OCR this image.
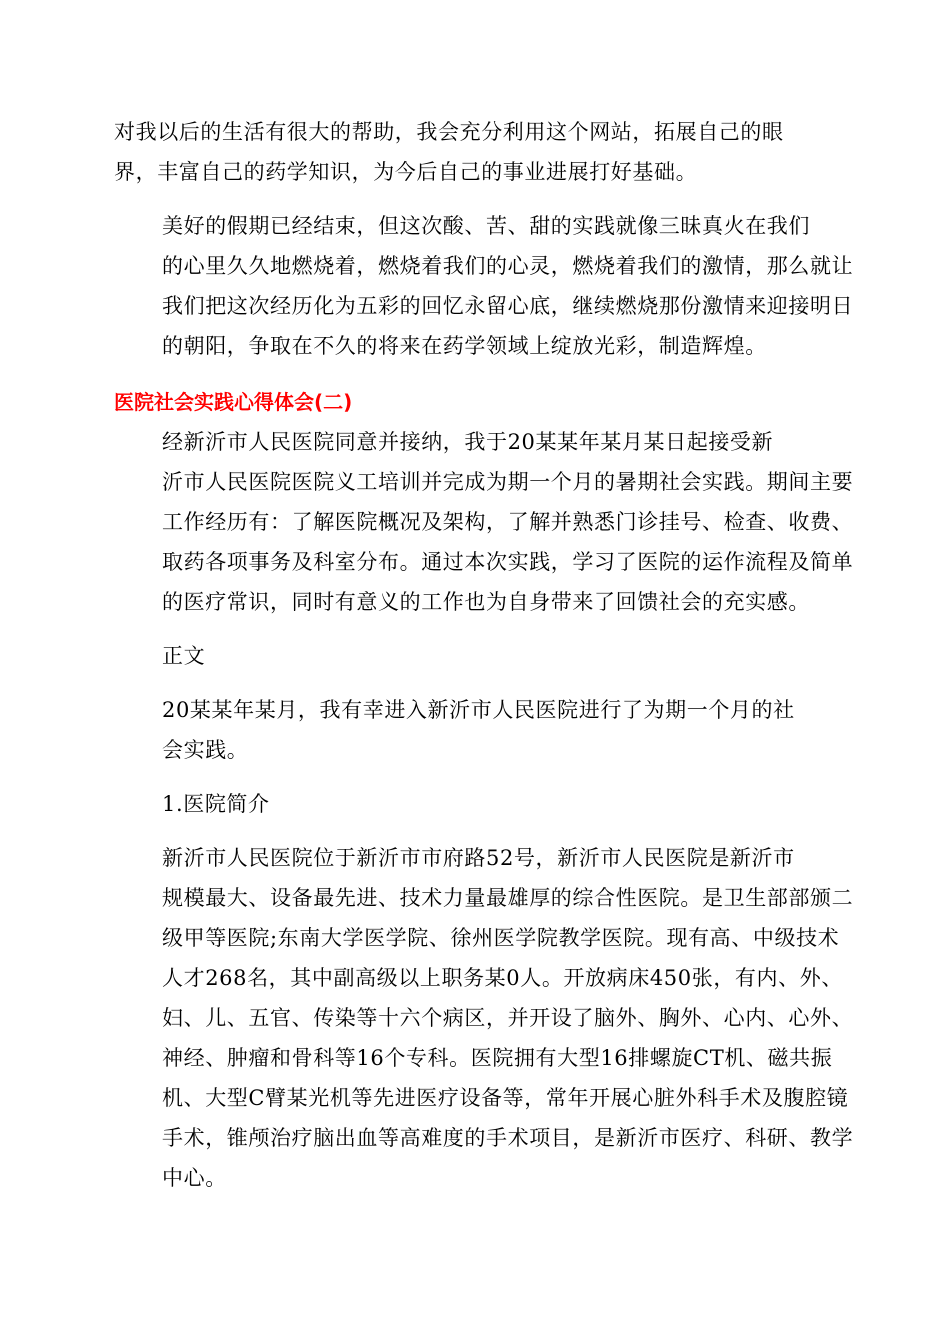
对我以后的生活有很大的帮助，我会充分利用这个网站，拓展自己的眼
界，丰富自己的药学知识，为今后自己的事业进展打好基础。

美好的假期已经结束，但这次酸、苦、甜的实践就像三昧真火在我们
的心里久久地燃烧着，燃烧着我们的心灵，燃烧着我们的激情，那么就让
我们把这次经历化为五彩的回忆永留心底，继续燃烧那份激情来迎接明日
的朝阳，争取在不久的将来在药学领域上绽放光彩，制造辉煌。

医院社会实践心得体会(二)

经新沂市人民医院同意并接纳，我于20某某年某月某日起接受新
沂市人民医院医院义工培训并完成为期一个月的暑期社会实践。期间主要
工作经历有：了解医院概况及架构，了解并熟悉门诊挂号、检查、收费、
取药各项事务及科室分布。通过本次实践，学习了医院的运作流程及简单
的医疗常识，同时有意义的工作也为自身带来了回馈社会的充实感。

正文

20某某年某月，我有幸进入新沂市人民医院进行了为期一个月的社
会实践。

1.医院简介

新沂市人民医院位于新沂市市府路52号，新沂市人民医院是新沂市
规模最大、设备最先进、技术力量最雄厚的综合性医院。是卫生部部颁二
级甲等医院;东南大学医学院、徐州医学院教学医院。现有高、中级技术
人才268名，其中副高级以上职务某0人。开放病床450张，有内、外、
妇、儿、五官、传染等十六个病区，并开设了脑外、胸外、心内、心外、
神经、肿瘤和骨科等16个专科。医院拥有大型16排螺旋CT机、磁共振
机、大型C臂某光机等先进医疗设备等，常年开展心脏外科手术及腹腔镜
手术，锥颅治疗脑出血等高难度的手术项目，是新沂市医疗、科研、教学
中心。
